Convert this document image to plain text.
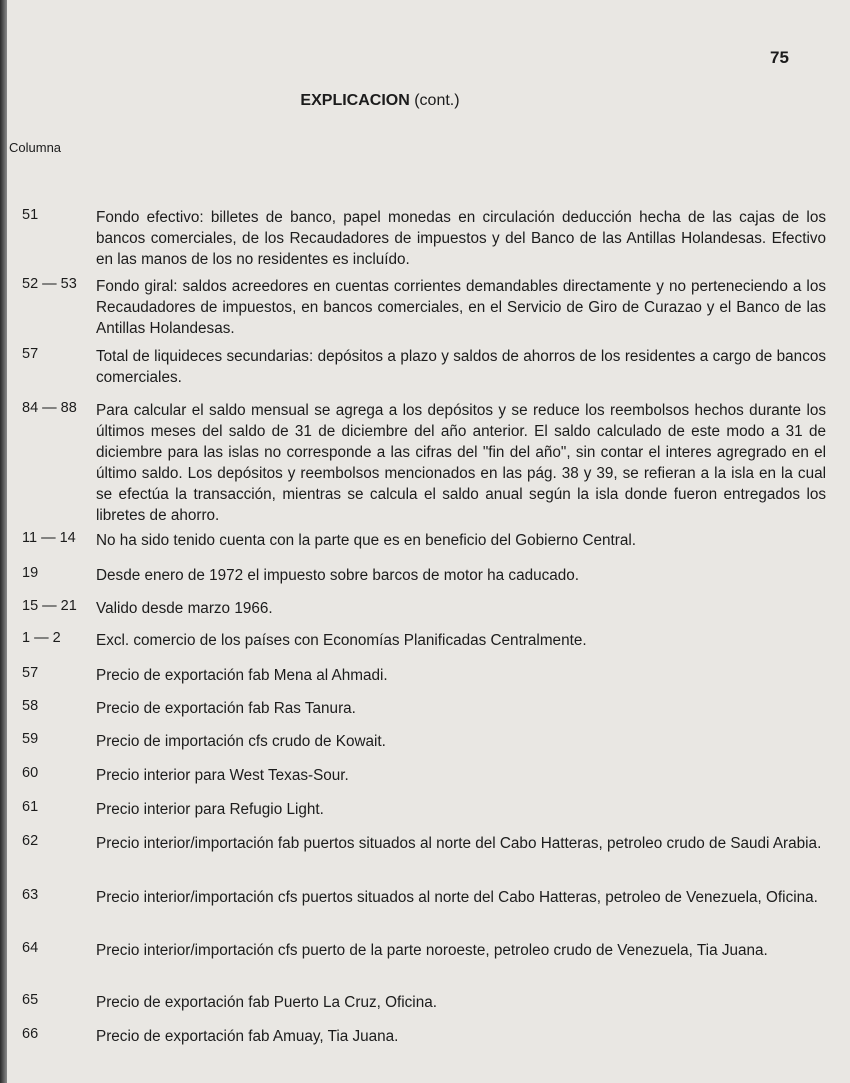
75
EXPLICACION (cont.)
Columna
51	Fondo efectivo: billetes de banco, papel monedas en circulación deducción hecha de las cajas de los bancos comerciales, de los Recaudadores de impuestos y del Banco de las Antillas Holandesas. Efectivo en las manos de los no residentes es incluído.
52 — 53 Fondo giral: saldos acreedores en cuentas corrientes demandables directamente y no perteneciendo a los Recaudadores de impuestos, en bancos comerciales, en el Servicio de Giro de Curazao y el Banco de las Antillas Holandesas.
57	Total de liquideces secundarias: depósitos a plazo y saldos de ahorros de los residentes a cargo de bancos comerciales.
84 — 88 Para calcular el saldo mensual se agrega a los depósitos y se reduce los reembolsos hechos durante los últimos meses del saldo de 31 de diciembre del año anterior. El saldo calculado de este modo a 31 de diciembre para las islas no corresponde a las cifras del "fin del año", sin contar el interes agregrado en el último saldo. Los depósitos y reembolsos mencionados en las pág. 38 y 39, se refieran a la isla en la cual se efectúa la transacción, mientras se calcula el saldo anual según la isla donde fueron entregados los libretes de ahorro.
11 — 14 No ha sido tenido cuenta con la parte que es en beneficio del Gobierno Central.
19	Desde enero de 1972 el impuesto sobre barcos de motor ha caducado.
15 — 21 Valido desde marzo 1966.
1 — 2 Excl. comercio de los países con Economías Planificadas Centralmente.
57	Precio de exportación fab Mena al Ahmadi.
58	Precio de exportación fab Ras Tanura.
59	Precio de importación cfs crudo de Kowait.
60	Precio interior para West Texas-Sour.
61	Precio interior para Refugio Light.
62	Precio interior/importación fab puertos situados al norte del Cabo Hatteras, petroleo crudo de Saudi Arabia.
63	Precio interior/importación cfs puertos situados al norte del Cabo Hatteras, petroleo de Venezuela, Oficina.
64	Precio interior/importación cfs puerto de la parte noroeste, petroleo crudo de Venezuela, Tia Juana.
65	Precio de exportación fab Puerto La Cruz, Oficina.
66	Precio de exportación fab Amuay, Tia Juana.
